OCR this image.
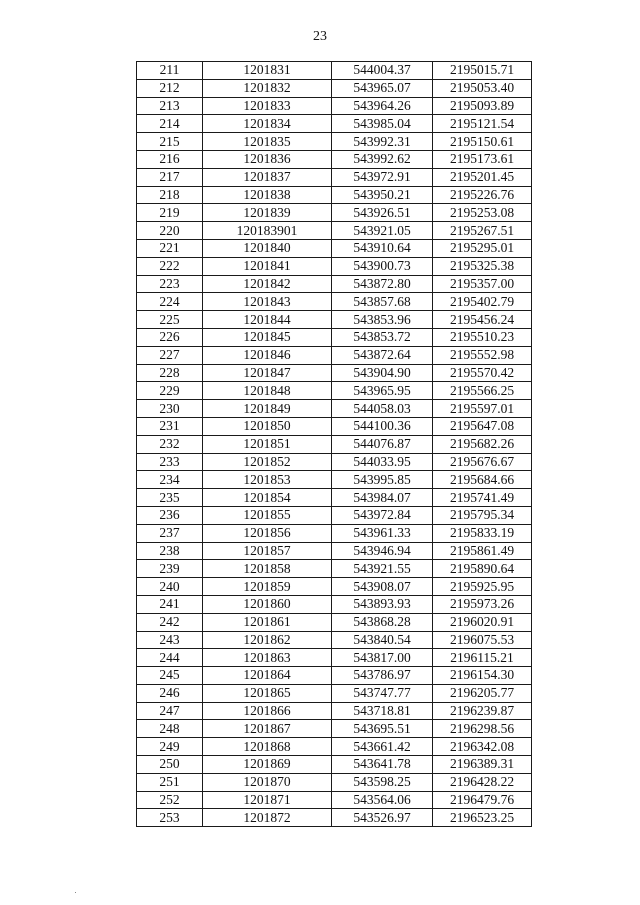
23
211	1201831	544004.37	2195015.71
212	1201832	543965.07	2195053.40
213	1201833	543964.26	2195093.89
214	1201834	543985.04	2195121.54
215	1201835	543992.31	2195150.61
216	1201836	543992.62	2195173.61
217	1201837	543972.91	2195201.45
218	1201838	543950.21	2195226.76
219	1201839	543926.51	2195253.08
220	120183901	543921.05	2195267.51
221	1201840	543910.64	2195295.01
222	1201841	543900.73	2195325.38
223	1201842	543872.80	2195357.00
224	1201843	543857.68	2195402.79
225	1201844	543853.96	2195456.24
226	1201845	543853.72	2195510.23
227	1201846	543872.64	2195552.98
228	1201847	543904.90	2195570.42
229	1201848	543965.95	2195566.25
230	1201849	544058.03	2195597.01
231	1201850	544100.36	2195647.08
232	1201851	544076.87	2195682.26
233	1201852	544033.95	2195676.67
234	1201853	543995.85	2195684.66
235	1201854	543984.07	2195741.49
236	1201855	543972.84	2195795.34
237	1201856	543961.33	2195833.19
238	1201857	543946.94	2195861.49
239	1201858	543921.55	2195890.64
240	1201859	543908.07	2195925.95
241	1201860	543893.93	2195973.26
242	1201861	543868.28	2196020.91
243	1201862	543840.54	2196075.53
244	1201863	543817.00	2196115.21
245	1201864	543786.97	2196154.30
246	1201865	543747.77	2196205.77
247	1201866	543718.81	2196239.87
248	1201867	543695.51	2196298.56
249	1201868	543661.42	2196342.08
250	1201869	543641.78	2196389.31
251	1201870	543598.25	2196428.22
252	1201871	543564.06	2196479.76
253	1201872	543526.97	2196523.25
